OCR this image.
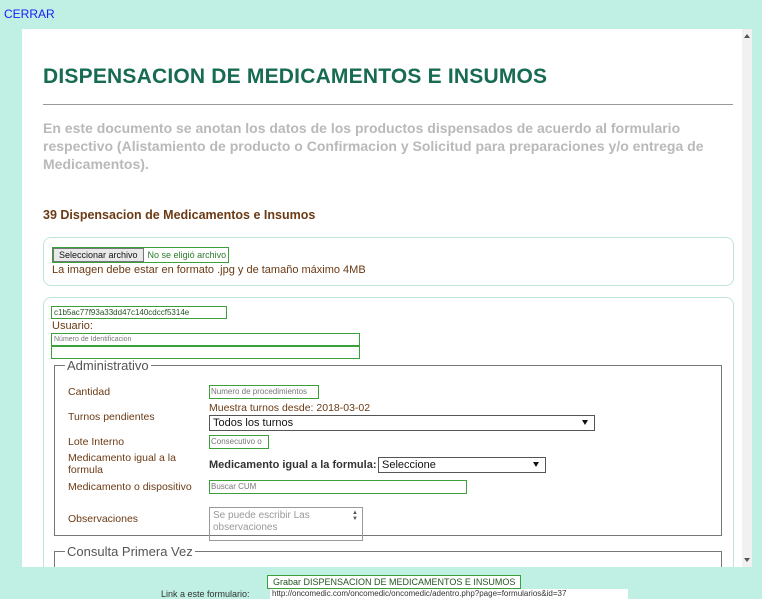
CERRAR
DISPENSACION DE MEDICAMENTOS E INSUMOS

En este documento se anotan los datos de los productos dispensados de acuerdo al formulario respectivo (Alistamiento de producto o Confirmacion y Solicitud para preparaciones y/o entrega de Medicamentos).

39 Dispensacion de Medicamentos e Insumos
Seleccionar archivo	No se eligió archivo
La imagen debe estar en formato .jpg y de tamaño máximo 4MB
c1b5ac77f93a33dd47c140cdccf5314e
Usuario:
Número de Identificacion
Administrativo
Cantidad	Numero de procedimientos
Muestra turnos desde: 2018-03-02
Turnos pendientes	Todos los turnos
Lote Interno	Consecutivo o
Medicamento igual a la formula	Medicamento igual a la formula: Seleccione
Medicamento o dispositivo Buscar CUM
Observaciones	Se puede escribir Las observaciones
▲
▼
Consulta Primera Vez
Grabar DISPENSACION DE MEDICAMENTOS E INSUMOS
Link a este formulario:	http://oncomedic.com/oncomedic/oncomedic/adentro.php?page=formularios&id=37
